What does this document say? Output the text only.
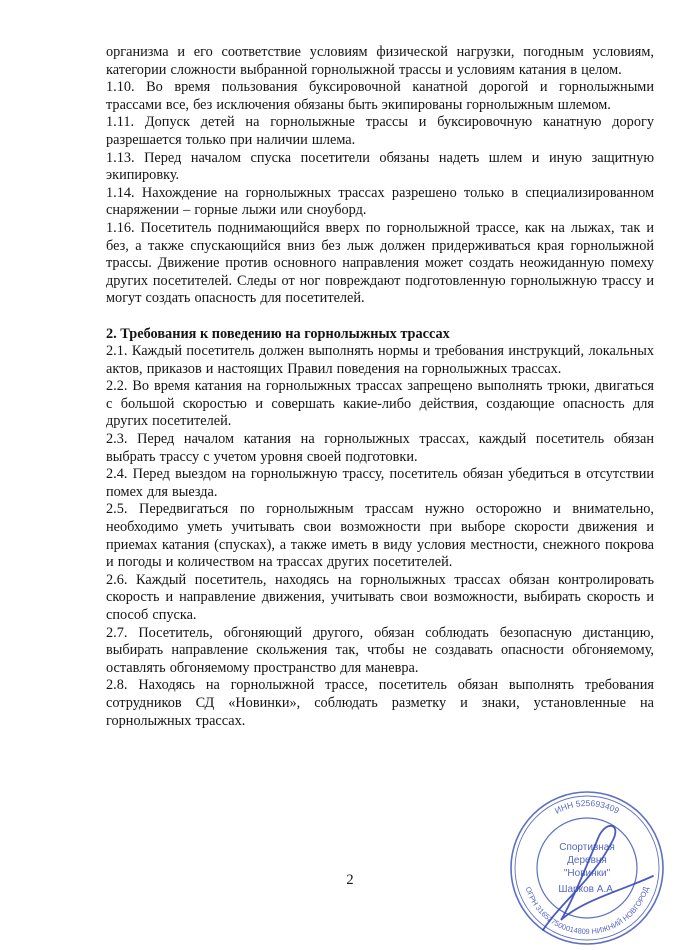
организма и его соответствие условиям физической нагрузки, погодным условиям, категории сложности выбранной горнолыжной трассы и условиям катания в целом.

1.10. Во время пользования буксировочной канатной дорогой и горнолыжными трассами все, без исключения обязаны быть экипированы горнолыжным шлемом.

1.11. Допуск детей на горнолыжные трассы и буксировочную канатную дорогу разрешается только при наличии шлема.

1.13. Перед началом спуска посетители обязаны надеть шлем и иную защитную экипировку.

1.14. Нахождение на горнолыжных трассах разрешено только в специализированном снаряжении – горные лыжи или сноуборд.

1.16. Посетитель поднимающийся вверх по горнолыжной трассе, как на лыжах, так и без, а также спускающийся вниз без лыж должен придерживаться края горнолыжной трассы. Движение против основного направления может создать неожиданную помеху других посетителей. Следы от ног повреждают подготовленную горнолыжную трассу и могут создать опасность для посетителей.

2. Требования к поведению на горнолыжных трассах

2.1. Каждый посетитель должен выполнять нормы и требования инструкций, локальных актов, приказов и настоящих Правил поведения на горнолыжных трассах.

2.2. Во время катания на горнолыжных трассах запрещено выполнять трюки, двигаться с большой скоростью и совершать какие-либо действия, создающие опасность для других посетителей.

2.3. Перед началом катания на горнолыжных трассах, каждый посетитель обязан выбрать трассу с учетом уровня своей подготовки.

2.4. Перед выездом на горнолыжную трассу, посетитель обязан убедиться в отсутствии помех для выезда.

2.5. Передвигаться по горнолыжным трассам нужно осторожно и внимательно, необходимо уметь учитывать свои возможности при выборе скорости движения и приемах катания (спусках), а также иметь в виду условия местности, снежного покрова и погоды и количеством на трассах других посетителей.

2.6. Каждый посетитель, находясь на горнолыжных трассах обязан контролировать скорость и направление движения, учитывать свои возможности, выбирать скорость и способ спуска.

2.7. Посетитель, обгоняющий другого, обязан соблюдать безопасную дистанцию, выбирать направление скольжения так, чтобы не создавать опасности обгоняемому, оставлять обгоняемому пространство для маневра.

2.8. Находясь на горнолыжной трассе, посетитель обязан выполнять требования сотрудников СД «Новинки», соблюдать разметку и знаки, установленные на горнолыжных трассах.

2
ИНН 525693409
ОГРН 316527500014809 НИЖНИЙ НОВГОРОД
Спортивная
Деревня
"Новинки"
Шарков А.А.
